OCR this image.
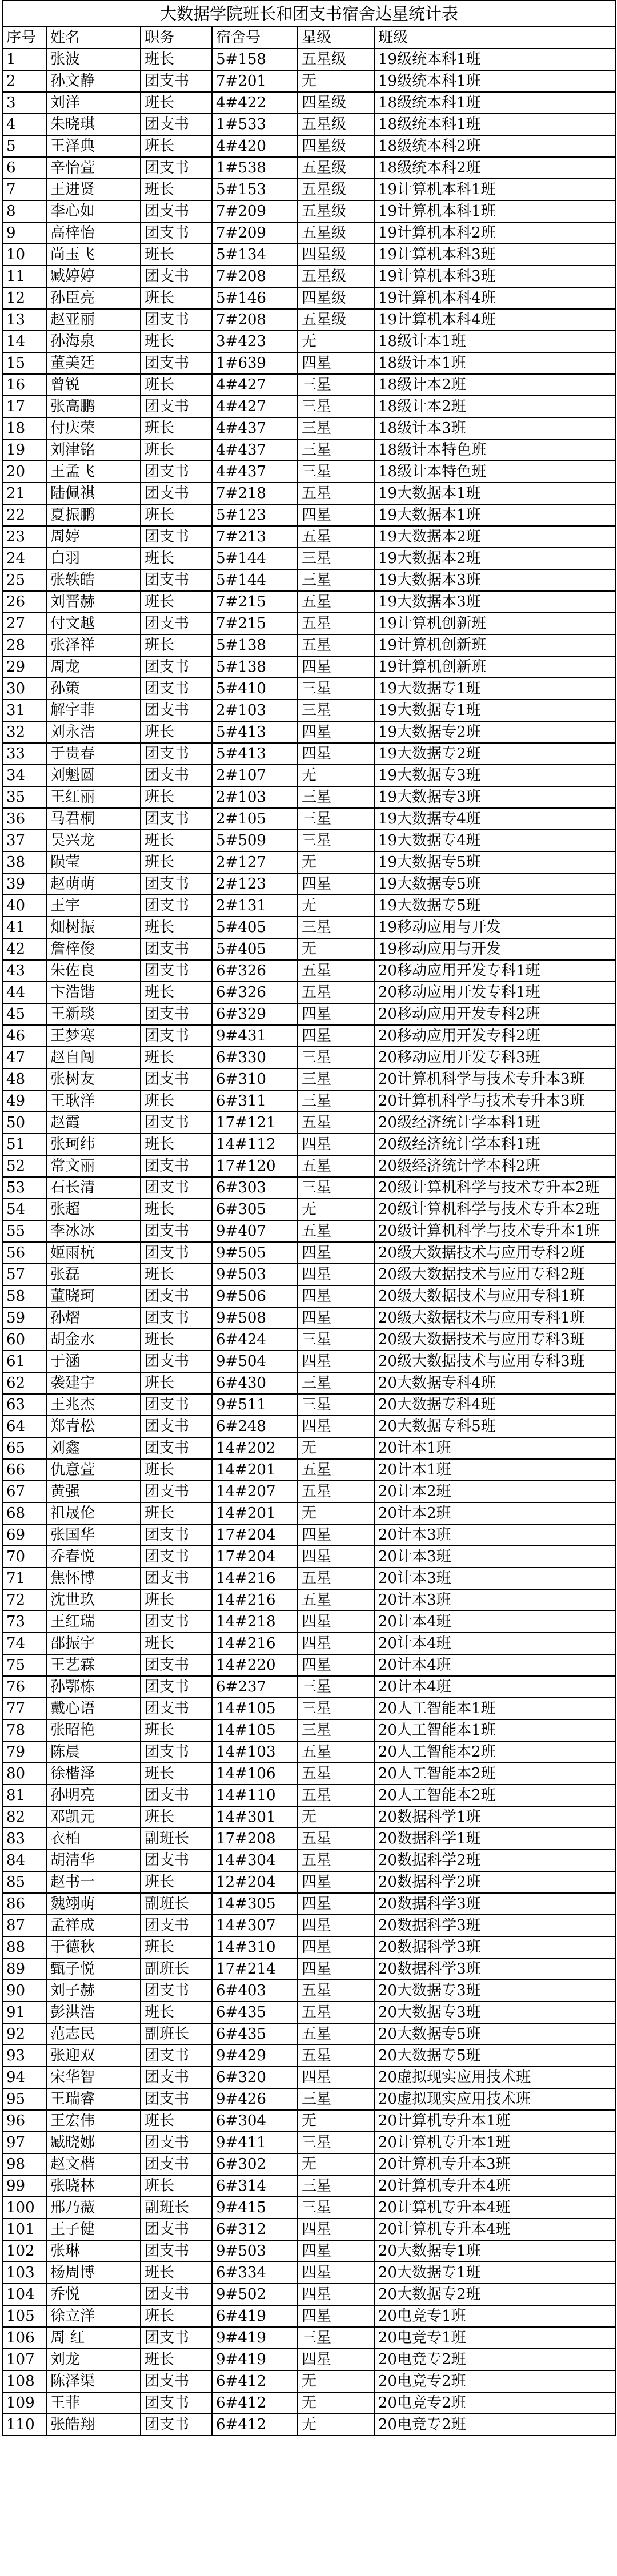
大数据学院班长和团支书宿舍达星统计表
序号	姓名	职务	宿舍号	星级	班级
1	张波	班长	5#158	五星级	19级统本科1班
2	孙文静	团支书	7#201	无	19级统本科1班
3	刘洋	班长	4#422	四星级	18级统本科1班
4	朱晓琪	团支书	1#533	五星级	18级统本科1班
5	王泽典	班长	4#420	四星级	18级统本科2班
6	辛怡萱	团支书	1#538	五星级	18级统本科2班
7	王进贤	班长	5#153	五星级	19计算机本科1班
8	李心如	团支书	7#209	五星级	19计算机本科1班
9	高梓怡	团支书	7#209	五星级	19计算机本科2班
10	尚玉飞	班长	5#134	四星级	19计算机本科3班
11	臧婷婷	团支书	7#208	五星级	19计算机本科3班
12	孙臣亮	班长	5#146	四星级	19计算机本科4班
13	赵亚丽	团支书	7#208	五星级	19计算机本科4班
14	孙海泉	班长	3#423	无	18级计本1班
15	董美廷	团支书	1#639	四星	18级计本1班
16	曾锐	班长	4#427	三星	18级计本2班
17	张高鹏	团支书	4#427	三星	18级计本2班
18	付庆荣	班长	4#437	三星	18级计本3班
19	刘津铭	班长	4#437	三星	18级计本特色班
20	王孟飞	团支书	4#437	三星	18级计本特色班
21	陆佩祺	团支书	7#218	五星	19大数据本1班
22	夏振鹏	班长	5#123	四星	19大数据本1班
23	周婷	团支书	7#213	五星	19大数据本2班
24	白羽	班长	5#144	三星	19大数据本2班
25	张轶皓	团支书	5#144	三星	19大数据本3班
26	刘晋赫	班长	7#215	五星	19大数据本3班
27	付文越	团支书	7#215	五星	19计算机创新班
28	张泽祥	班长	5#138	五星	19计算机创新班
29	周龙	团支书	5#138	四星	19计算机创新班
30	孙策	团支书	5#410	三星	19大数据专1班
31	解宇菲	团支书	2#103	三星	19大数据专1班
32	刘永浩	班长	5#413	四星	19大数据专2班
33	于贵春	团支书	5#413	四星	19大数据专2班
34	刘魁圆	团支书	2#107	无	19大数据专3班
35	王红丽	班长	2#103	三星	19大数据专3班
36	马君桐	团支书	2#105	三星	19大数据专4班
37	吴兴龙	班长	5#509	三星	19大数据专4班
38	陨莹	班长	2#127	无	19大数据专5班
39	赵萌萌	团支书	2#123	四星	19大数据专5班
40	王宇	团支书	2#131	无	19大数据专5班
41	畑树振	班长	5#405	三星	19移动应用与开发
42	詹梓俊	团支书	5#405	无	19移动应用与开发
43	朱佐良	团支书	6#326	五星	20移动应用开发专科1班
44	卞浩锴	班长	6#326	五星	20移动应用开发专科1班
45	王新琰	团支书	6#329	四星	20移动应用开发专科2班
46	王梦寒	团支书	9#431	四星	20移动应用开发专科2班
47	赵自闯	班长	6#330	三星	20移动应用开发专科3班
48	张树友	团支书	6#310	三星	20计算机科学与技术专升本3班
49	王耿洋	班长	6#311	三星	20计算机科学与技术专升本3班
50	赵霞	团支书	17#121	五星	20级经济统计学本科1班
51	张珂纬	班长	14#112	四星	20级经济统计学本科1班
52	常文丽	团支书	17#120	五星	20级经济统计学本科2班
53	石长清	团支书	6#303	三星	20级计算机科学与技术专升本2班
54	张超	班长	6#305	无	20级计算机科学与技术专升本2班
55	李冰冰	团支书	9#407	五星	20级计算机科学与技术专升本1班
56	姬雨杭	团支书	9#505	四星	20级大数据技术与应用专科2班
57	张磊	班长	9#503	四星	20级大数据技术与应用专科2班
58	董晓珂	团支书	9#506	四星	20级大数据技术与应用专科1班
59	孙熠	团支书	9#508	四星	20级大数据技术与应用专科1班
60	胡金水	班长	6#424	三星	20级大数据技术与应用专科3班
61	于涵	团支书	9#504	四星	20级大数据技术与应用专科3班
62	袭建宇	班长	6#430	三星	20大数据专科4班
63	王兆杰	团支书	9#511	三星	20大数据专科4班
64	郑青松	团支书	6#248	四星	20大数据专科5班
65	刘鑫	团支书	14#202	无	20计本1班
66	仇意萱	班长	14#201	五星	20计本1班
67	黄强	团支书	14#207	五星	20计本2班
68	祖晟伦	班长	14#201	无	20计本2班
69	张国华	团支书	17#204	四星	20计本3班
70	乔春悦	团支书	17#204	四星	20计本3班
71	焦怀博	团支书	14#216	五星	20计本3班
72	沈世玖	班长	14#216	五星	20计本3班
73	王红瑞	团支书	14#218	四星	20计本4班
74	邵振宇	班长	14#216	四星	20计本4班
75	王艺霖	团支书	14#220	四星	20计本4班
76	孙鄂栋	团支书	6#237	三星	20计本4班
77	戴心语	团支书	14#105	三星	20人工智能本1班
78	张昭艳	班长	14#105	三星	20人工智能本1班
79	陈晨	团支书	14#103	五星	20人工智能本2班
80	徐楷泽	班长	14#106	五星	20人工智能本2班
81	孙明亮	团支书	14#110	五星	20人工智能本2班
82	邓凯元	班长	14#301	无	20数据科学1班
83	衣柏	副班长	17#208	五星	20数据科学1班
84	胡清华	团支书	14#304	五星	20数据科学2班
85	赵书一	班长	12#204	四星	20数据科学2班
86	魏翊萌	副班长	14#305	四星	20数据科学3班
87	孟祥成	团支书	14#307	四星	20数据科学3班
88	于德秋	班长	14#310	四星	20数据科学3班
89	甄子悦	副班长	17#214	四星	20数据科学3班
90	刘子赫	团支书	6#403	五星	20大数据专3班
91	彭洪浩	班长	6#435	五星	20大数据专3班
92	范志民	副班长	6#435	五星	20大数据专5班
93	张迎双	团支书	9#429	五星	20大数据专5班
94	宋华智	团支书	6#320	四星	20虚拟现实应用技术班
95	王瑞睿	团支书	9#426	三星	20虚拟现实应用技术班
96	王宏伟	班长	6#304	无	20计算机专升本1班
97	臧晓娜	团支书	9#411	三星	20计算机专升本1班
98	赵文楷	团支书	6#302	无	20计算机专升本3班
99	张晓林	班长	6#314	三星	20计算机专升本4班
100	邢乃薇	副班长	9#415	三星	20计算机专升本4班
101	王子健	团支书	6#312	四星	20计算机专升本4班
102	张琳	团支书	9#503	四星	20大数据专1班
103	杨周博	班长	6#334	四星	20大数据专1班
104	乔悦	团支书	9#502	四星	20大数据专2班
105	徐立洋	班长	6#419	四星	20电竞专1班
106	周 红	团支书	9#419	三星	20电竞专1班
107	刘龙	班长	9#419	四星	20电竞专2班
108	陈泽渠	团支书	6#412	无	20电竞专2班
109	王菲	团支书	6#412	无	20电竞专2班
110	张皓翔	团支书	6#412	无	20电竞专2班
